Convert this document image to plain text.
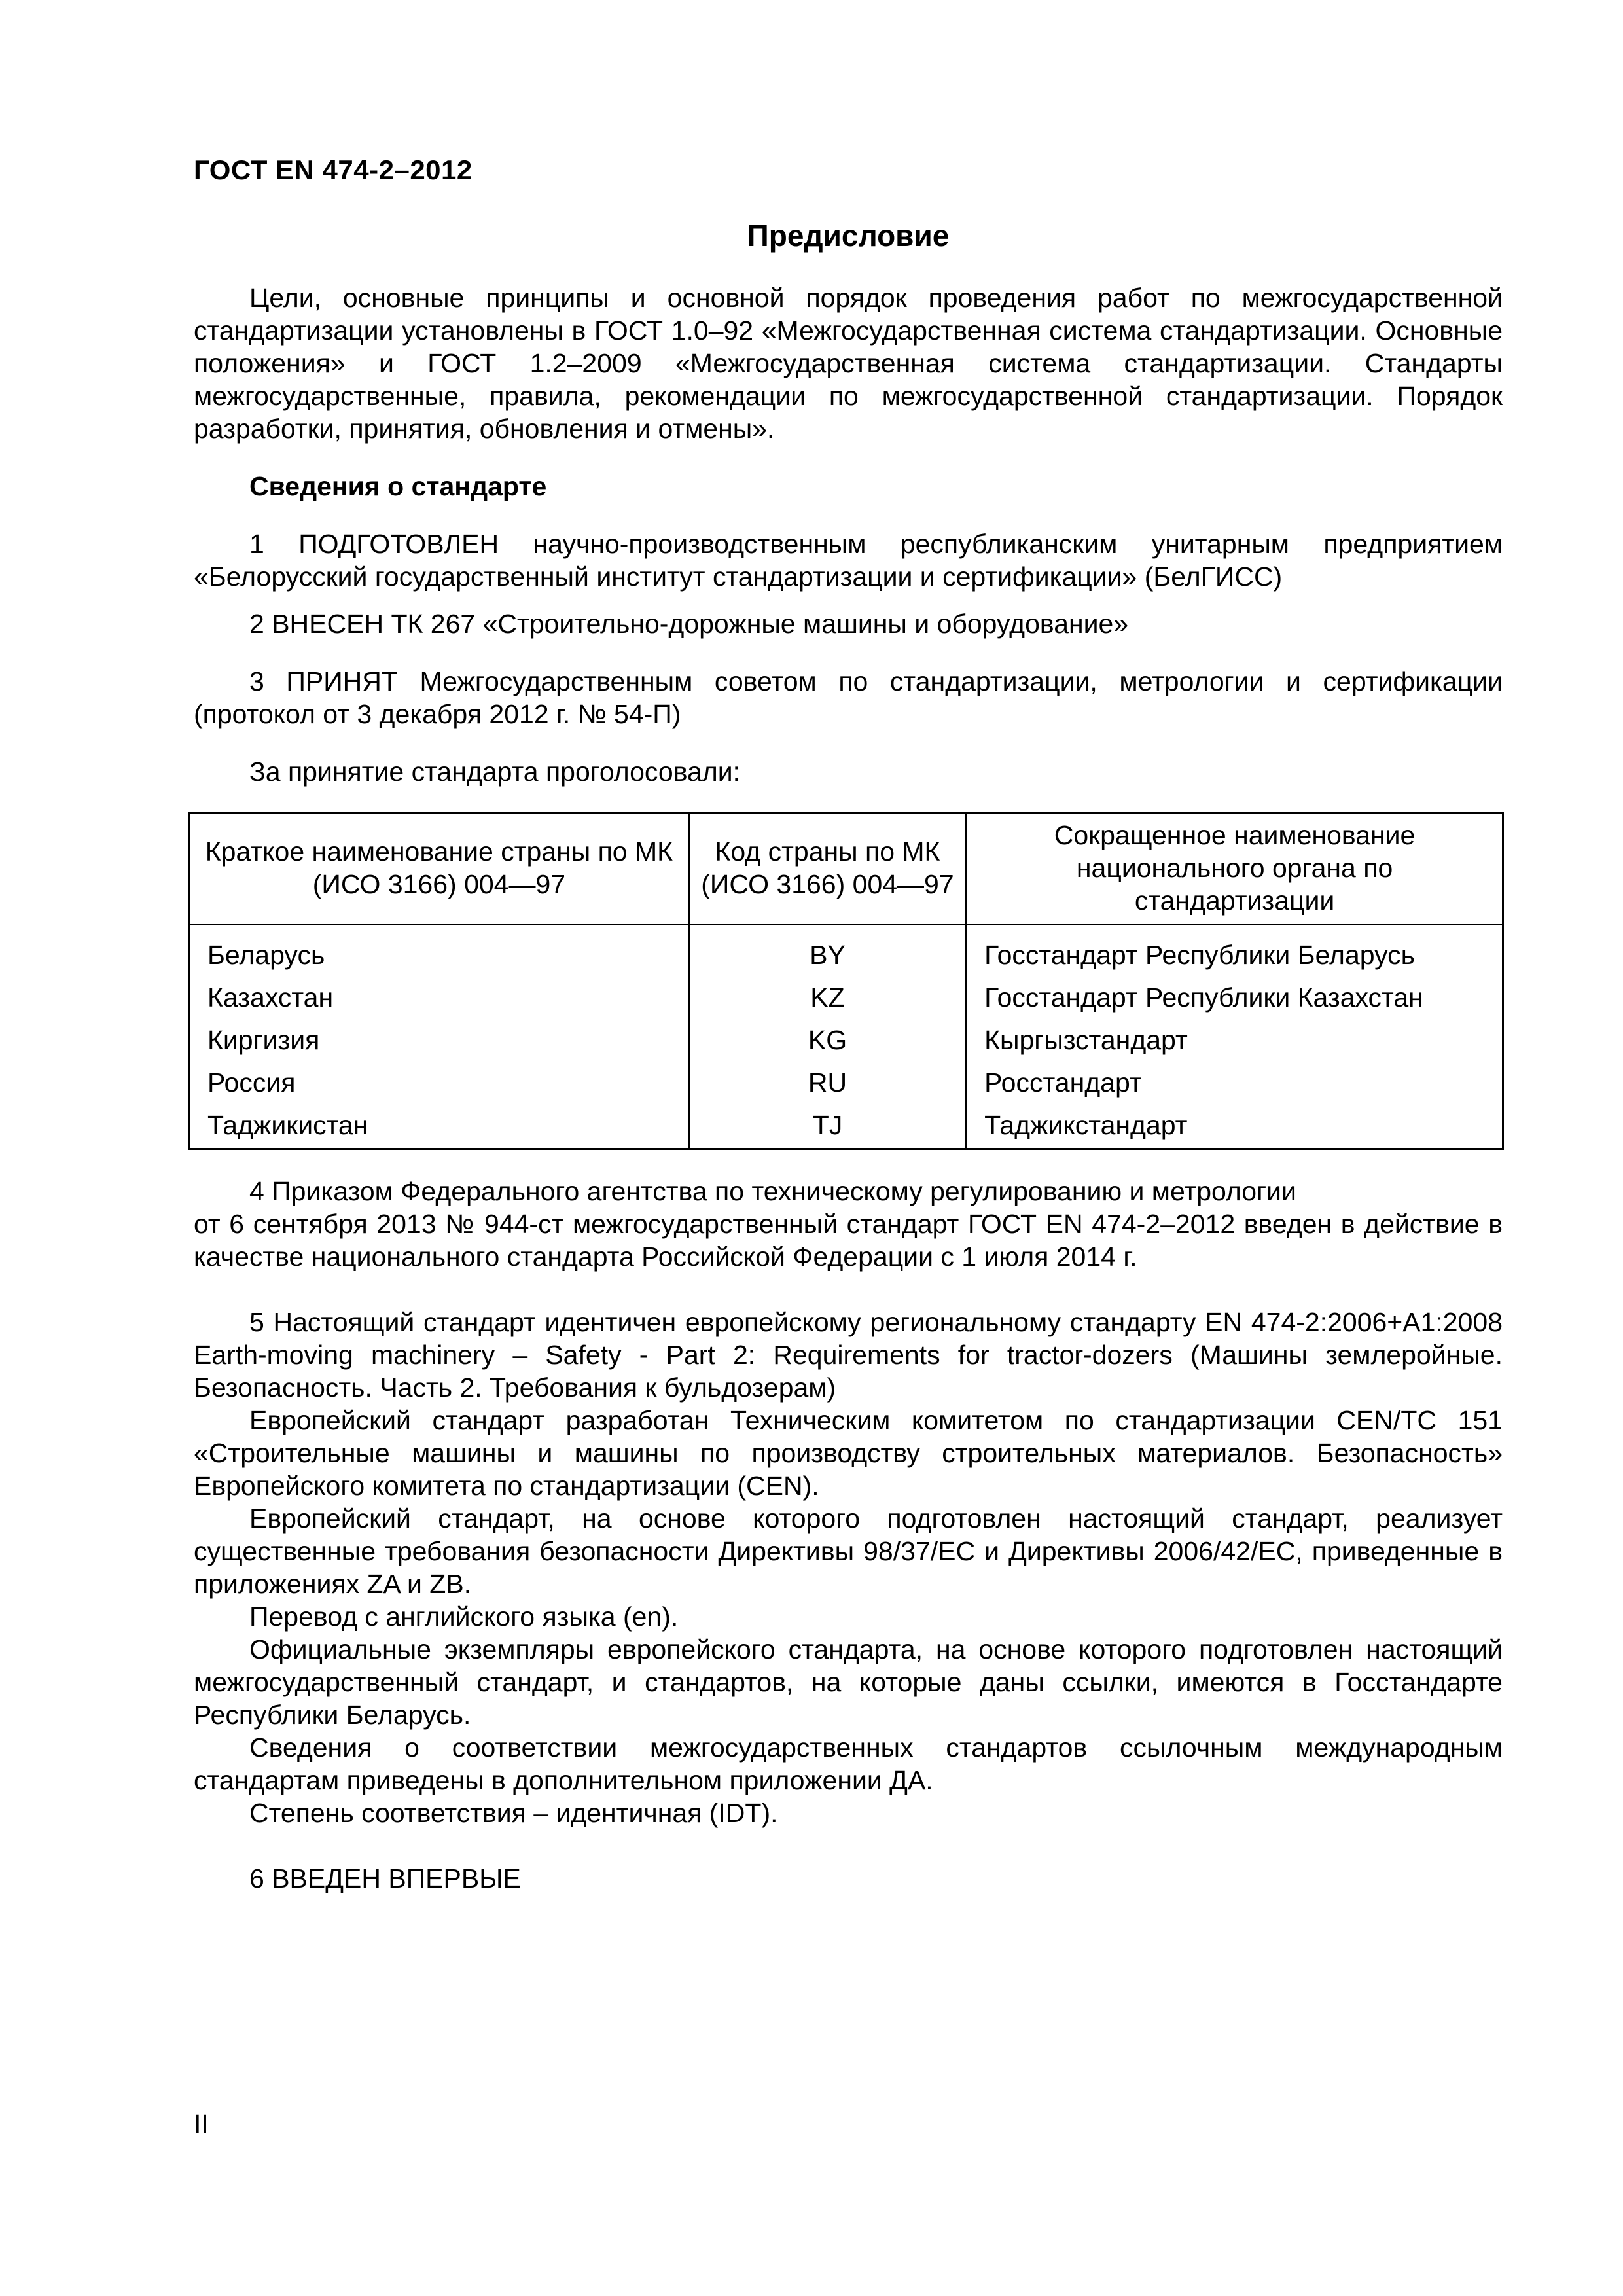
ГОСТ EN 474-2–2012
Предисловие

Цели, основные принципы и основной порядок проведения работ по межгосударственной стандартизации установлены в ГОСТ 1.0–92 «Межгосударственная система стандартизации. Основные положения» и ГОСТ 1.2–2009 «Межгосударственная система стандартизации. Стандарты межгосударственные, правила, рекомендации по межгосударственной стандартизации. Порядок разработки, принятия, обновления и отмены».

Сведения о стандарте

1 ПОДГОТОВЛЕН научно-производственным республиканским унитарным предприятием «Белорусский государственный институт стандартизации и сертификации» (БелГИСС)

2 ВНЕСЕН ТК 267 «Строительно-дорожные машины и оборудование»

3 ПРИНЯТ Межгосударственным советом по стандартизации, метрологии и сертификации (протокол от 3 декабря 2012 г. № 54-П)

За принятие стандарта проголосовали:

Краткое наименование страны по МК (ИСО 3166) 004—97	Код страны по МК (ИСО 3166) 004—97	Сокращенное наименование национального органа по стандартизации
Беларусь	BY	Госстандарт Республики Беларусь
Казахстан	KZ	Госстандарт Республики Казахстан
Киргизия	KG	Кыргызстандарт
Россия	RU	Росстандарт
Таджикистан	TJ	Таджикстандарт

4 Приказом Федерального агентства по техническому регулированию и метрологии

от 6 сентября 2013 № 944-ст межгосударственный стандарт ГОСТ EN 474-2–2012 введен в действие в качестве национального стандарта Российской Федерации с 1 июля 2014 г.

5 Настоящий стандарт идентичен европейскому региональному стандарту EN 474-2:2006+A1:2008 Earth-moving machinery – Safety - Part 2: Requirements for tractor-dozers (Машины землеройные. Безопасность. Часть 2. Требования к бульдозерам)

Европейский стандарт разработан Техническим комитетом по стандартизации CEN/TC 151 «Строительные машины и машины по производству строительных материалов. Безопасность» Европейского комитета по стандартизации (CEN).

Европейский стандарт, на основе которого подготовлен настоящий стандарт, реализует существенные требования безопасности Директивы 98/37/ЕС и Директивы 2006/42/ЕС, приведенные в приложениях ZA и ZB.

Перевод с английского языка (en).

Официальные экземпляры европейского стандарта, на основе которого подготовлен настоящий межгосударственный стандарт, и стандартов, на которые даны ссылки, имеются в Госстандарте Республики Беларусь.

Сведения о соответствии межгосударственных стандартов ссылочным международным стандартам приведены в дополнительном приложении ДА.

Степень соответствия – идентичная (IDT).

6 ВВЕДЕН ВПЕРВЫЕ

II
